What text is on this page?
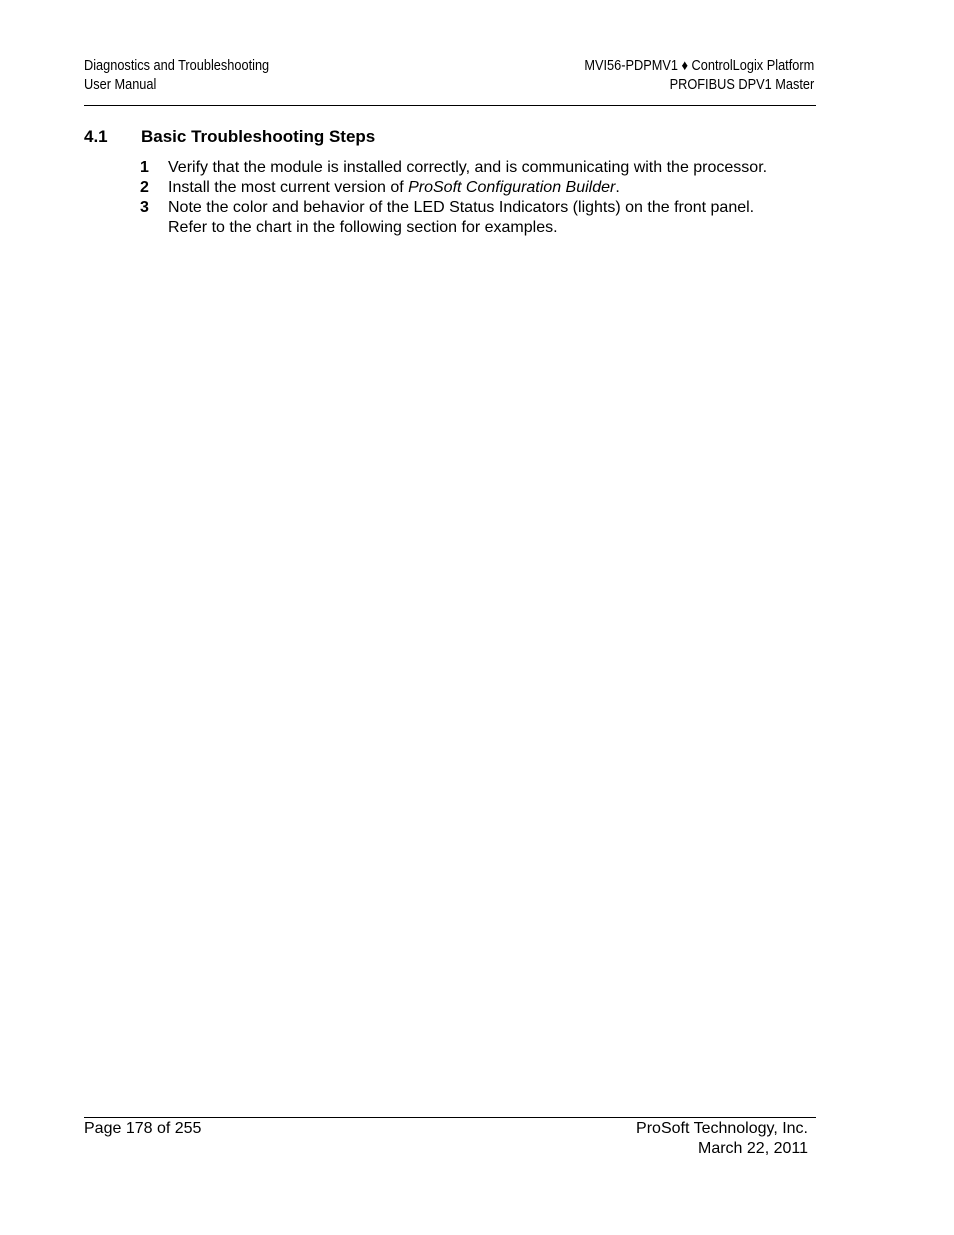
Diagnostics and Troubleshooting
User Manual
MVI56-PDPMV1 ♦ ControlLogix Platform
PROFIBUS DPV1 Master
4.1 Basic Troubleshooting Steps
1 Verify that the module is installed correctly, and is communicating with the processor.
2 Install the most current version of ProSoft Configuration Builder.
3 Note the color and behavior of the LED Status Indicators (lights) on the front panel. Refer to the chart in the following section for examples.
Page 178 of 255	ProSoft Technology, Inc.
March 22, 2011
